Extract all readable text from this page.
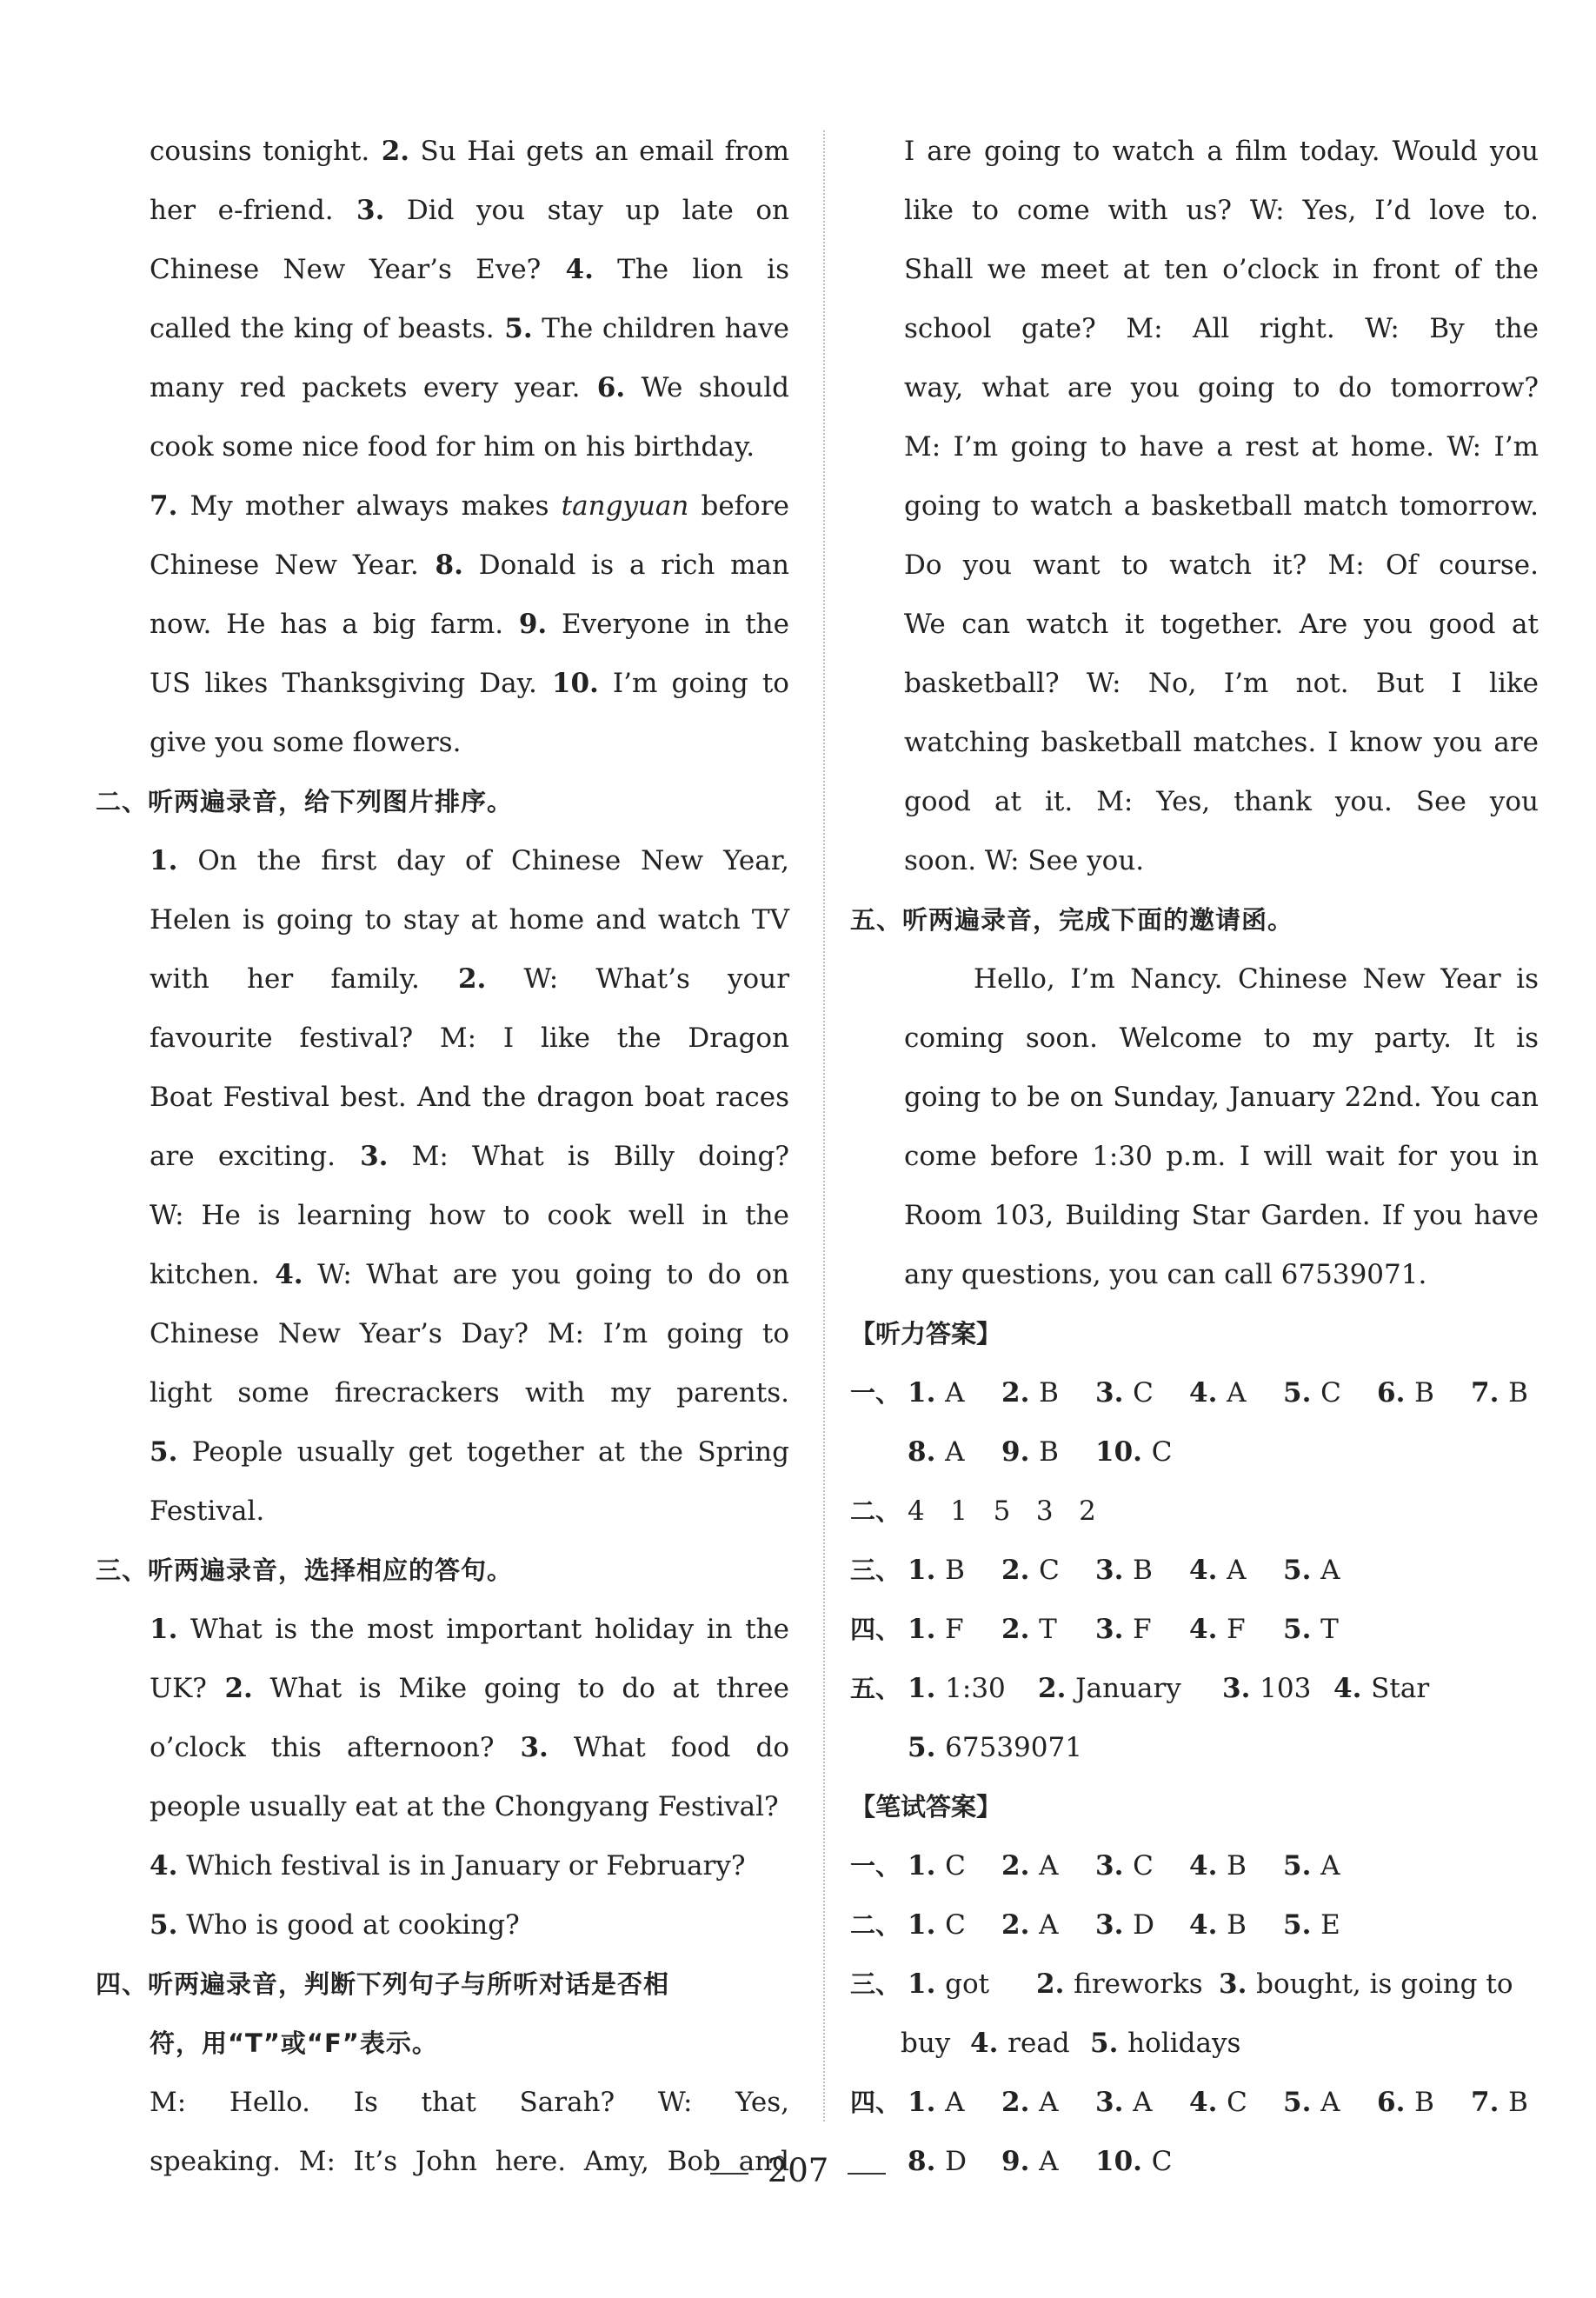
cousins tonight. 2. Su Hai gets an email from
her e-friend. 3. Did you stay up late on
Chinese New Year’s Eve? 4. The lion is
called the king of beasts. 5. The children have
many red packets every year. 6. We should
cook some nice food for him on his birthday.
7. My mother always makes tangyuan before
Chinese New Year. 8. Donald is a rich man
now. He has a big farm. 9. Everyone in the
US likes Thanksgiving Day. 10. I’m going to
give you some flowers.
二、听两遍录音，给下列图片排序。
1. On the first day of Chinese New Year,
Helen is going to stay at home and watch TV
with her family. 2. W: What’s your
favourite festival? M: I like the Dragon
Boat Festival best. And the dragon boat races
are exciting. 3. M: What is Billy doing?
W: He is learning how to cook well in the
kitchen. 4. W: What are you going to do on
Chinese New Year’s Day? M: I’m going to
light some firecrackers with my parents.
5. People usually get together at the Spring
Festival.
三、听两遍录音，选择相应的答句。
1. What is the most important holiday in the
UK? 2. What is Mike going to do at three
o’clock this afternoon? 3. What food do
people usually eat at the Chongyang Festival?
4. Which festival is in January or February?
5. Who is good at cooking?
四、听两遍录音，判断下列句子与所听对话是否相
符，用“T”或“F”表示。
M: Hello. Is that Sarah? W: Yes,
speaking. M: It’s John here. Amy, Bob and
I are going to watch a film today. Would you
like to come with us? W: Yes, I’d love to.
Shall we meet at ten o’clock in front of the
school gate? M: All right. W: By the
way, what are you going to do tomorrow?
M: I’m going to have a rest at home. W: I’m
going to watch a basketball match tomorrow.
Do you want to watch it? M: Of course.
We can watch it together. Are you good at
basketball? W: No, I’m not. But I like
watching basketball matches. I know you are
good at it. M: Yes, thank you. See you
soon. W: See you.
五、听两遍录音，完成下面的邀请函。
Hello, I’m Nancy. Chinese New Year is
coming soon. Welcome to my party. It is
going to be on Sunday, January 22nd. You can
come before 1:30 p.m. I will wait for you in
Room 103, Building Star Garden. If you have
any questions, you can call 67539071.
【听力答案】
一、 1. A 2. B 3. C 4. A 5. C 6. B 7. B
8. A 9. B 10. C
二、 4   1   5   3   2
三、 1. B 2. C 3. B 4. A 5. A
四、 1. F 2. T 3. F 4. F 5. T
五、 1. 1:30 2. January 3. 103 4. Star
5. 67539071
【笔试答案】
一、 1. C 2. A 3. C 4. B 5. A
二、 1. C 2. A 3. D 4. B 5. E
三、 1. got 2. fireworks 3. bought, is going to
buy 4. read 5. holidays
四、 1. A 2. A 3. A 4. C 5. A 6. B 7. B
8. D 9. A 10. C
207
